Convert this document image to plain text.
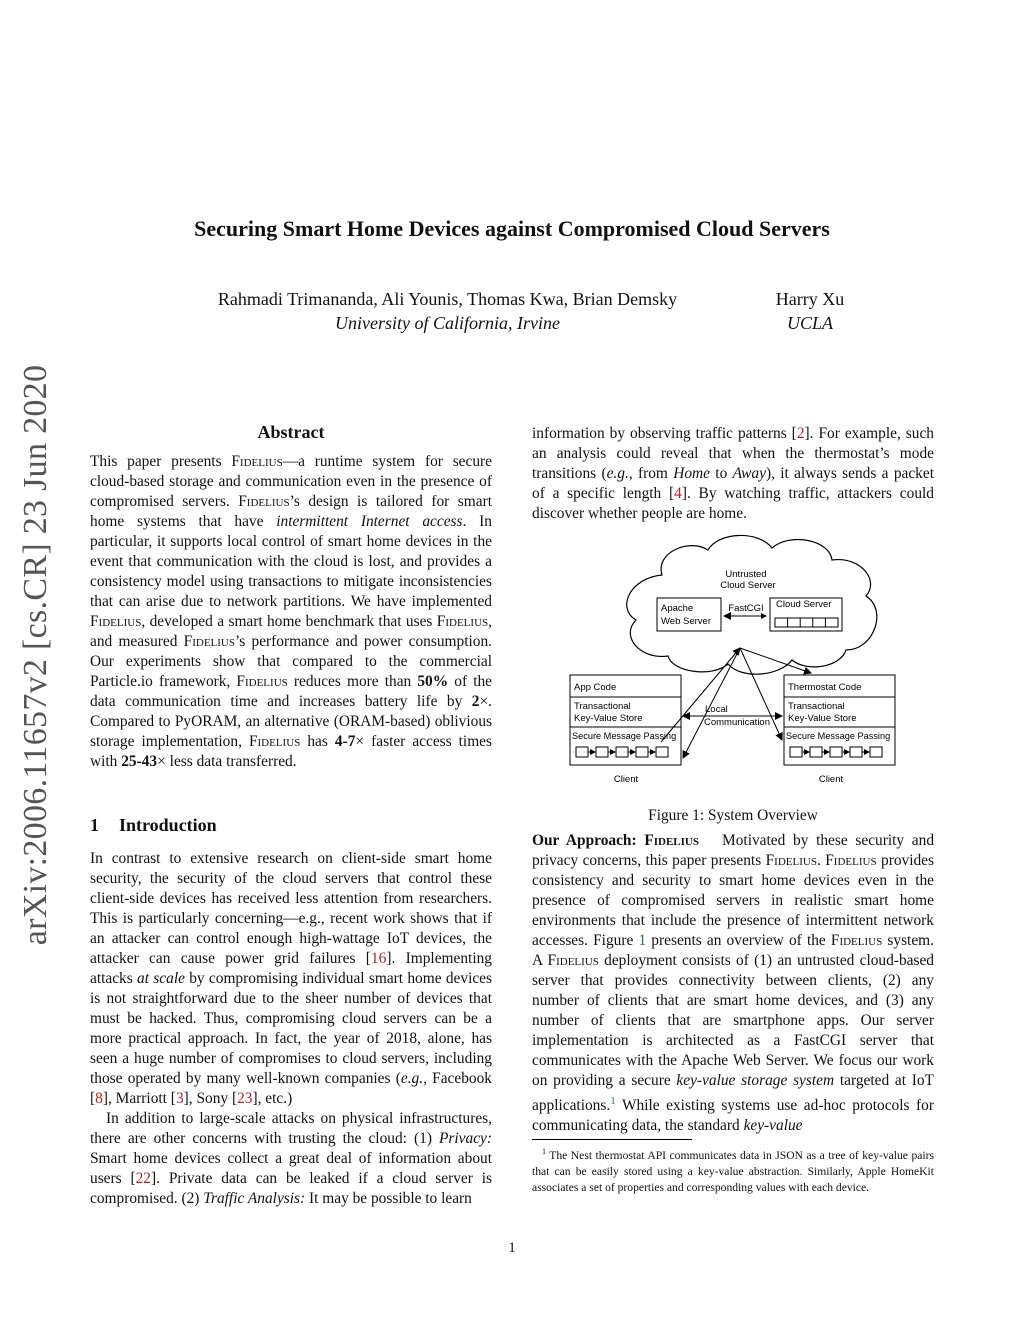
arXiv:2006.11657v2 [cs.CR] 23 Jun 2020
Securing Smart Home Devices against Compromised Cloud Servers
Rahmadi Trimananda, Ali Younis, Thomas Kwa, Brian Demsky
University of California, Irvine
Harry Xu
UCLA
Abstract

This paper presents Fidelius—a runtime system for secure cloud-based storage and communication even in the presence of compromised servers. Fidelius’s design is tailored for smart home systems that have intermittent Internet access. In particular, it supports local control of smart home devices in the event that communication with the cloud is lost, and provides a consistency model using transactions to mitigate inconsistencies that can arise due to network partitions. We have implemented Fidelius, developed a smart home benchmark that uses Fidelius, and measured Fidelius’s performance and power consumption. Our experiments show that compared to the commercial Particle.io framework, Fidelius reduces more than 50% of the data communication time and increases battery life by 2×. Compared to PyORAM, an alternative (ORAM-based) oblivious storage implementation, Fidelius has 4-7× faster access times with 25-43× less data transferred.

1 Introduction

In contrast to extensive research on client-side smart home security, the security of the cloud servers that control these client-side devices has received less attention from researchers. This is particularly concerning—e.g., recent work shows that if an attacker can control enough high-wattage IoT devices, the attacker can cause power grid failures [16]. Implementing attacks at scale by compromising individual smart home devices is not straightforward due to the sheer number of devices that must be hacked. Thus, compromising cloud servers can be a more practical approach. In fact, the year of 2018, alone, has seen a huge number of compromises to cloud servers, including those operated by many well-known companies (e.g., Facebook [8], Marriott [3], Sony [23], etc.)

In addition to large-scale attacks on physical infrastructures, there are other concerns with trusting the cloud: (1) Privacy: Smart home devices collect a great deal of information about users [22]. Private data can be leaked if a cloud server is compromised. (2) Traffic Analysis: It may be possible to learn

information by observing traffic patterns [2]. For example, such an analysis could reveal that when the thermostat’s mode transitions (e.g., from Home to Away), it always sends a packet of a specific length [4]. By watching traffic, attackers could discover whether people are home.

Untrusted
Cloud Server
Apache
Web Server
FastCGI Cloud Server
App Code
Transactional
Key-Value Store
Secure Message Passing
Client
Thermostat Code
Transactional
Key-Value Store
Secure Message Passing
Client
Local
Communication
Figure 1: System Overview

Our Approach: Fidelius Motivated by these security and privacy concerns, this paper presents Fidelius. Fidelius provides consistency and security to smart home devices even in the presence of compromised servers in realistic smart home environments that include the presence of intermittent network accesses. Figure 1 presents an overview of the Fidelius system. A Fidelius deployment consists of (1) an untrusted cloud-based server that provides connectivity between clients, (2) any number of clients that are smart home devices, and (3) any number of clients that are smartphone apps. Our server implementation is architected as a FastCGI server that communicates with the Apache Web Server. We focus our work on providing a secure key-value storage system targeted at IoT applications.$^1$ While existing systems use ad-hoc protocols for communicating data, the standard key-value

$^1$ The Nest thermostat API communicates data in JSON as a tree of key-value pairs that can be easily stored using a key-value abstraction. Similarly, Apple HomeKit associates a set of properties and corresponding values with each device.

1
